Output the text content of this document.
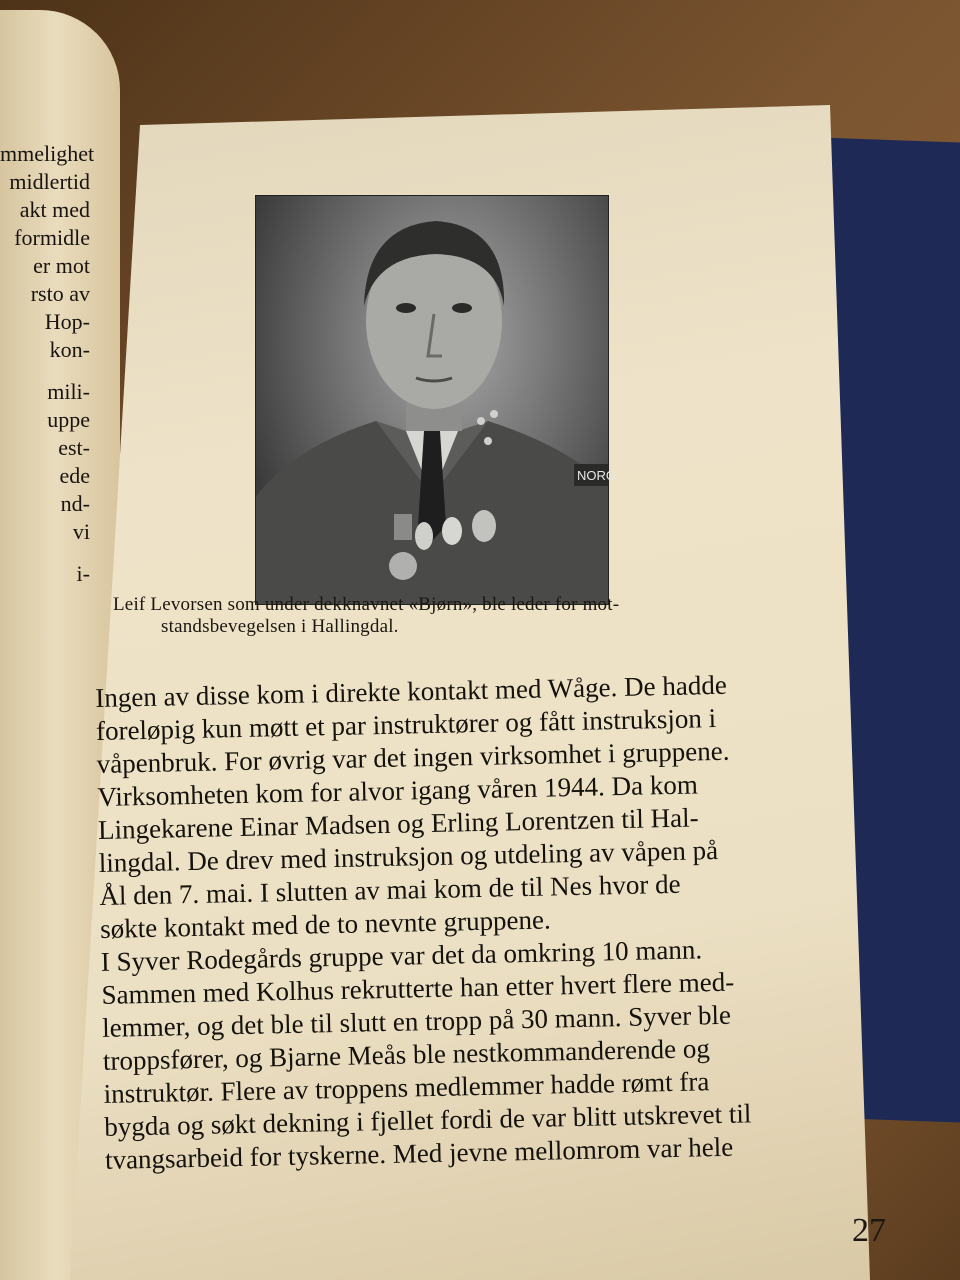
mmelighet
midlertid
akt med
formidle
er mot
rsto av
Hop-
kon-
mili-
uppe
est-
ede
nd-
vi
i-
NORG
Leif Levorsen som under dekknavnet «Bjørn», ble leder for mot-
standsbevegelsen i Hallingdal.
Ingen av disse kom i direkte kontakt med Wåge. De hadde
foreløpig kun møtt et par instruktører og fått instruksjon i
våpenbruk. For øvrig var det ingen virksomhet i gruppene.
Virksomheten kom for alvor igang våren 1944. Da kom
Lingekarene Einar Madsen og Erling Lorentzen til Hal-
lingdal. De drev med instruksjon og utdeling av våpen på
Ål den 7. mai. I slutten av mai kom de til Nes hvor de
søkte kontakt med de to nevnte gruppene.
I Syver Rodegårds gruppe var det da omkring 10 mann.
Sammen med Kolhus rekrutterte han etter hvert flere med-
lemmer, og det ble til slutt en tropp på 30 mann. Syver ble
troppsfører, og Bjarne Meås ble nestkommanderende og
instruktør. Flere av troppens medlemmer hadde rømt fra
bygda og søkt dekning i fjellet fordi de var blitt utskrevet til
tvangsarbeid for tyskerne. Med jevne mellomrom var hele
27
